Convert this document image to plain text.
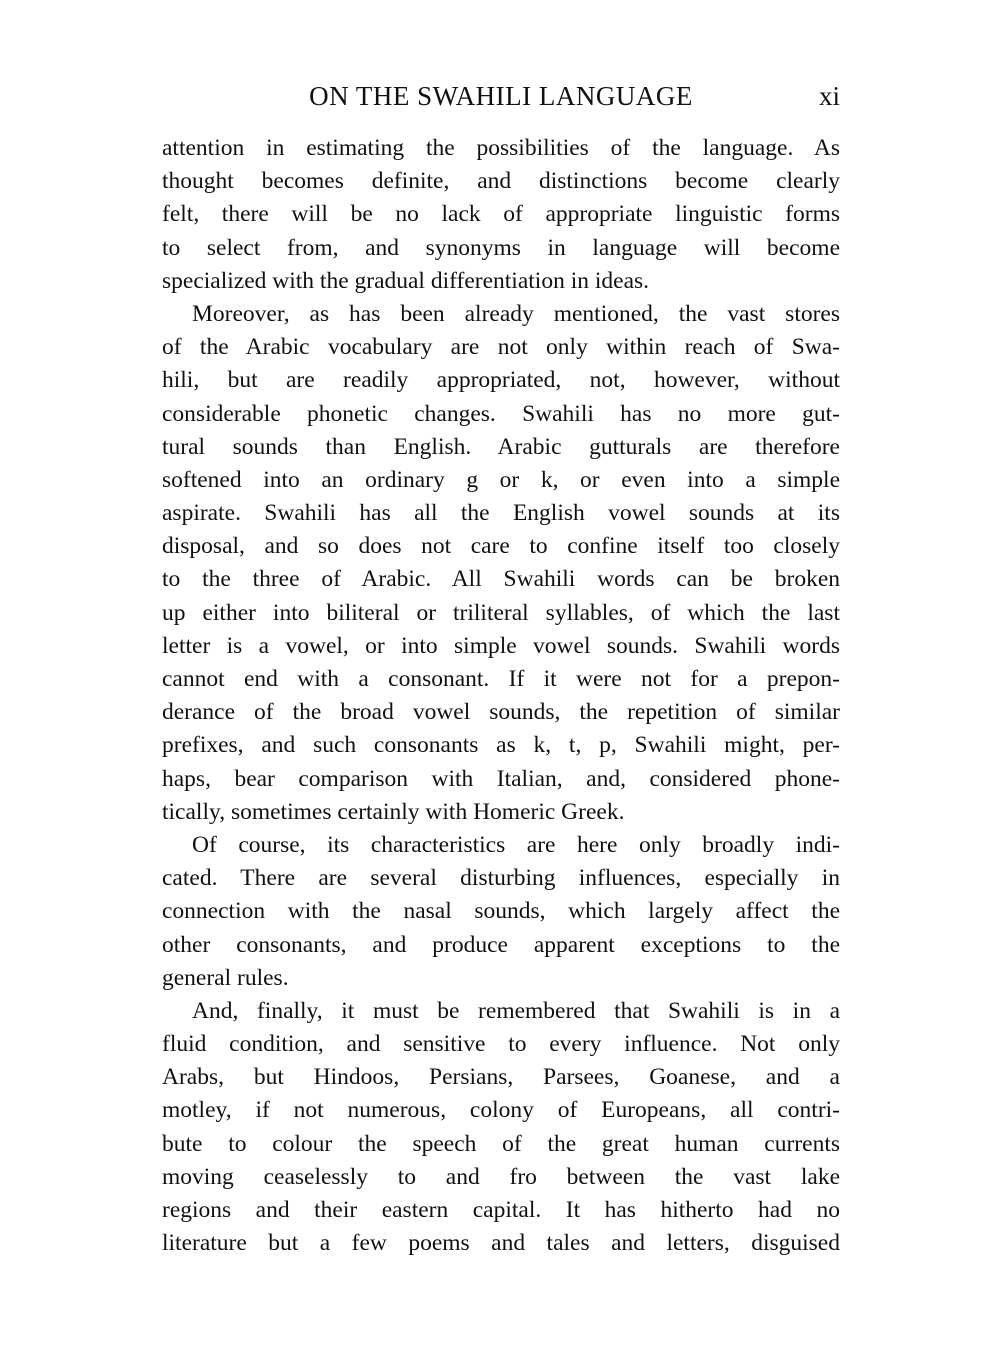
ON THE SWAHILI LANGUAGE	xi
attention in estimating the possibilities of the language. As
thought becomes definite, and distinctions become clearly
felt, there will be no lack of appropriate linguistic forms
to select from, and synonyms in language will become
specialized with the gradual differentiation in ideas.
Moreover, as has been already mentioned, the vast stores
of the Arabic vocabulary are not only within reach of Swa-
hili, but are readily appropriated, not, however, without
considerable phonetic changes. Swahili has no more gut-
tural sounds than English. Arabic gutturals are therefore
softened into an ordinary g or k, or even into a simple
aspirate. Swahili has all the English vowel sounds at its
disposal, and so does not care to confine itself too closely
to the three of Arabic. All Swahili words can be broken
up either into biliteral or triliteral syllables, of which the last
letter is a vowel, or into simple vowel sounds. Swahili words
cannot end with a consonant. If it were not for a prepon-
derance of the broad vowel sounds, the repetition of similar
prefixes, and such consonants as k, t, p, Swahili might, per-
haps, bear comparison with Italian, and, considered phone-
tically, sometimes certainly with Homeric Greek.
Of course, its characteristics are here only broadly indi-
cated. There are several disturbing influences, especially in
connection with the nasal sounds, which largely affect the
other consonants, and produce apparent exceptions to the
general rules.
And, finally, it must be remembered that Swahili is in a
fluid condition, and sensitive to every influence. Not only
Arabs, but Hindoos, Persians, Parsees, Goanese, and a
motley, if not numerous, colony of Europeans, all contri-
bute to colour the speech of the great human currents
moving ceaselessly to and fro between the vast lake
regions and their eastern capital. It has hitherto had no
literature but a few poems and tales and letters, disguised
